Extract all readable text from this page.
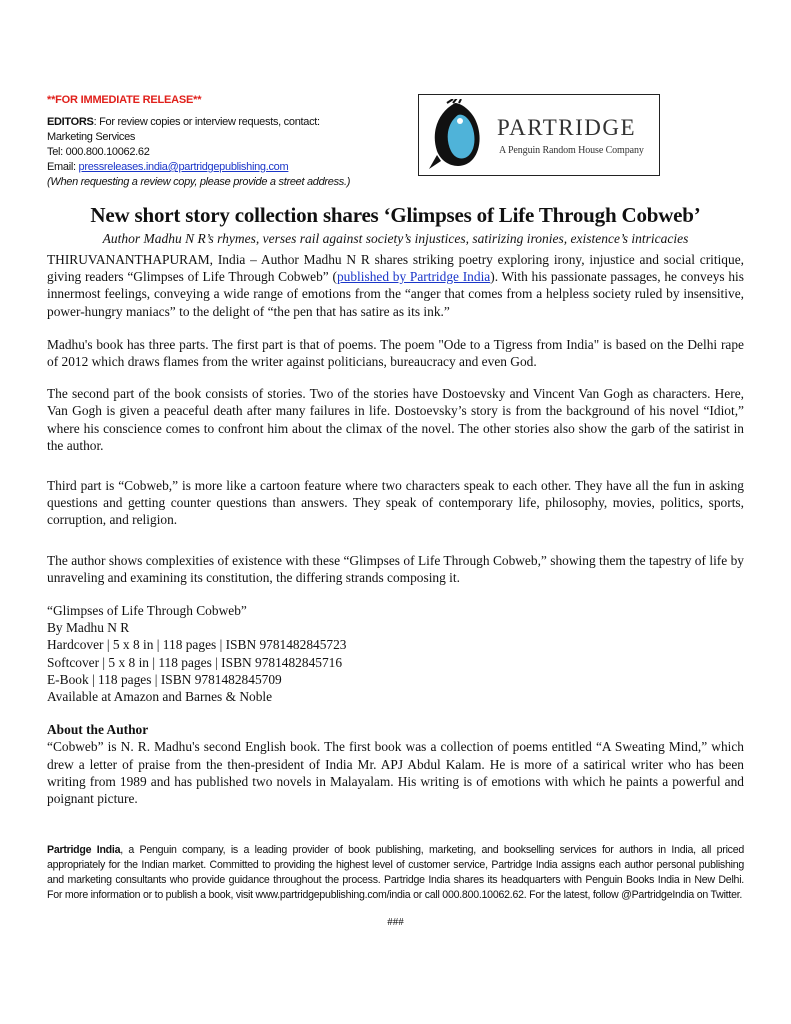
**FOR IMMEDIATE RELEASE**
EDITORS: For review copies or interview requests, contact:
Marketing Services
Tel: 000.800.10062.62
Email: pressreleases.india@partridgepublishing.com
(When requesting a review copy, please provide a street address.)
PARTRIDGE
A Penguin Random House Company
New short story collection shares ‘Glimpses of Life Through Cobweb’
Author Madhu N R’s rhymes, verses rail against society’s injustices, satirizing ironies, existence’s intricacies

THIRUVANANTHAPURAM, India – Author Madhu N R shares striking poetry exploring irony, injustice and social critique, giving readers “Glimpses of Life Through Cobweb” (published by Partridge India). With his passionate passages, he conveys his innermost feelings, conveying a wide range of emotions from the “anger that comes from a helpless society ruled by insensitive, power-hungry maniacs” to the delight of “the pen that has satire as its ink.”

Madhu's book has three parts. The first part is that of poems. The poem "Ode to a Tigress from India" is based on the Delhi rape of 2012 which draws flames from the writer against politicians, bureaucracy and even God.

The second part of the book consists of stories. Two of the stories have Dostoevsky and Vincent Van Gogh as characters. Here, Van Gogh is given a peaceful death after many failures in life. Dostoevsky’s story is from the background of his novel “Idiot,” where his conscience comes to confront him about the climax of the novel. The other stories also show the garb of the satirist in the author.

Third part is “Cobweb,” is more like a cartoon feature where two characters speak to each other. They have all the fun in asking questions and getting counter questions than answers. They speak of contemporary life, philosophy, movies, politics, sports, corruption, and religion.

The author shows complexities of existence with these “Glimpses of Life Through Cobweb,” showing them the tapestry of life by unraveling and examining its constitution, the differing strands composing it.

“Glimpses of Life Through Cobweb”
By Madhu N R
Hardcover | 5 x 8 in | 118 pages | ISBN 9781482845723
Softcover | 5 x 8 in | 118 pages | ISBN 9781482845716
E-Book | 118 pages | ISBN 9781482845709
Available at Amazon and Barnes & Noble
About the Author

“Cobweb” is N. R. Madhu's second English book. The first book was a collection of poems entitled “A Sweating Mind,” which drew a letter of praise from the then-president of India Mr. APJ Abdul Kalam. He is more of a satirical writer who has been writing from 1989 and has published two novels in Malayalam. His writing is of emotions with which he paints a powerful and poignant picture.

Partridge India, a Penguin company, is a leading provider of book publishing, marketing, and bookselling services for authors in India, all priced appropriately for the Indian market. Committed to providing the highest level of customer service, Partridge India assigns each author personal publishing and marketing consultants who provide guidance throughout the process. Partridge India shares its headquarters with Penguin Books India in New Delhi. For more information or to publish a book, visit www.partridgepublishing.com/india or call 000.800.10062.62. For the latest, follow @PartridgeIndia on Twitter.
###
